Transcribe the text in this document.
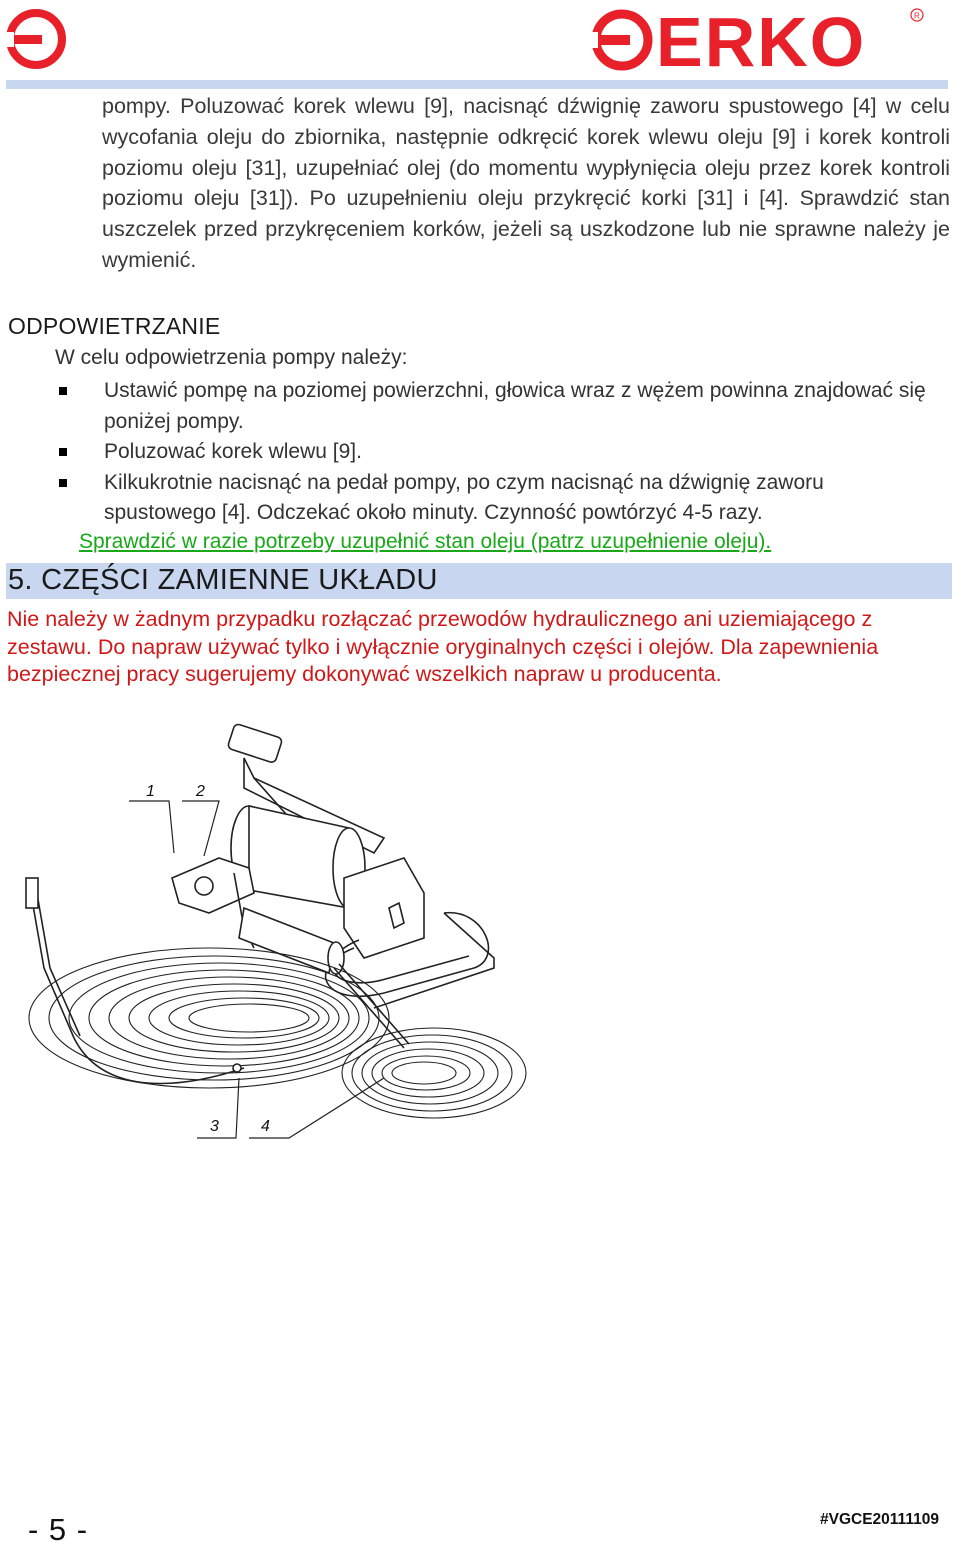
ERKO	R

pompy. Poluzować korek wlewu [9], nacisnąć dźwignię zaworu spustowego [4] w celu wycofania oleju do zbiornika, następnie odkręcić korek wlewu oleju [9] i korek kontroli poziomu oleju [31], uzupełniać olej (do momentu wypłynięcia oleju przez korek kontroli poziomu oleju [31]). Po uzupełnieniu oleju przykręcić korki [31] i [4]. Sprawdzić stan uszczelek przed przykręceniem korków, jeżeli są uszkodzone lub nie sprawne należy je wymienić.

ODPOWIETRZANIE
W celu odpowietrzenia pompy należy:
Ustawić pompę na poziomej powierzchni, głowica wraz z wężem powinna znajdować się poniżej pompy.
Poluzować korek wlewu [9].
Kilkukrotnie nacisnąć na pedał pompy, po czym nacisnąć na dźwignię zaworu spustowego [4]. Odczekać około minuty. Czynność powtórzyć 4-5 razy.
Sprawdzić w razie potrzeby uzupełnić stan oleju (patrz uzupełnienie oleju).
5. CZĘŚCI ZAMIENNE UKŁADU
Nie należy w żadnym przypadku rozłączać przewodów hydraulicznego ani uziemiającego z zestawu. Do napraw używać tylko i wyłącznie oryginalnych części i olejów. Dla zapewnienia bezpiecznej pracy sugerujemy dokonywać wszelkich napraw u producenta.
1	2
3	4
- 5 -	#VGCE20111109
